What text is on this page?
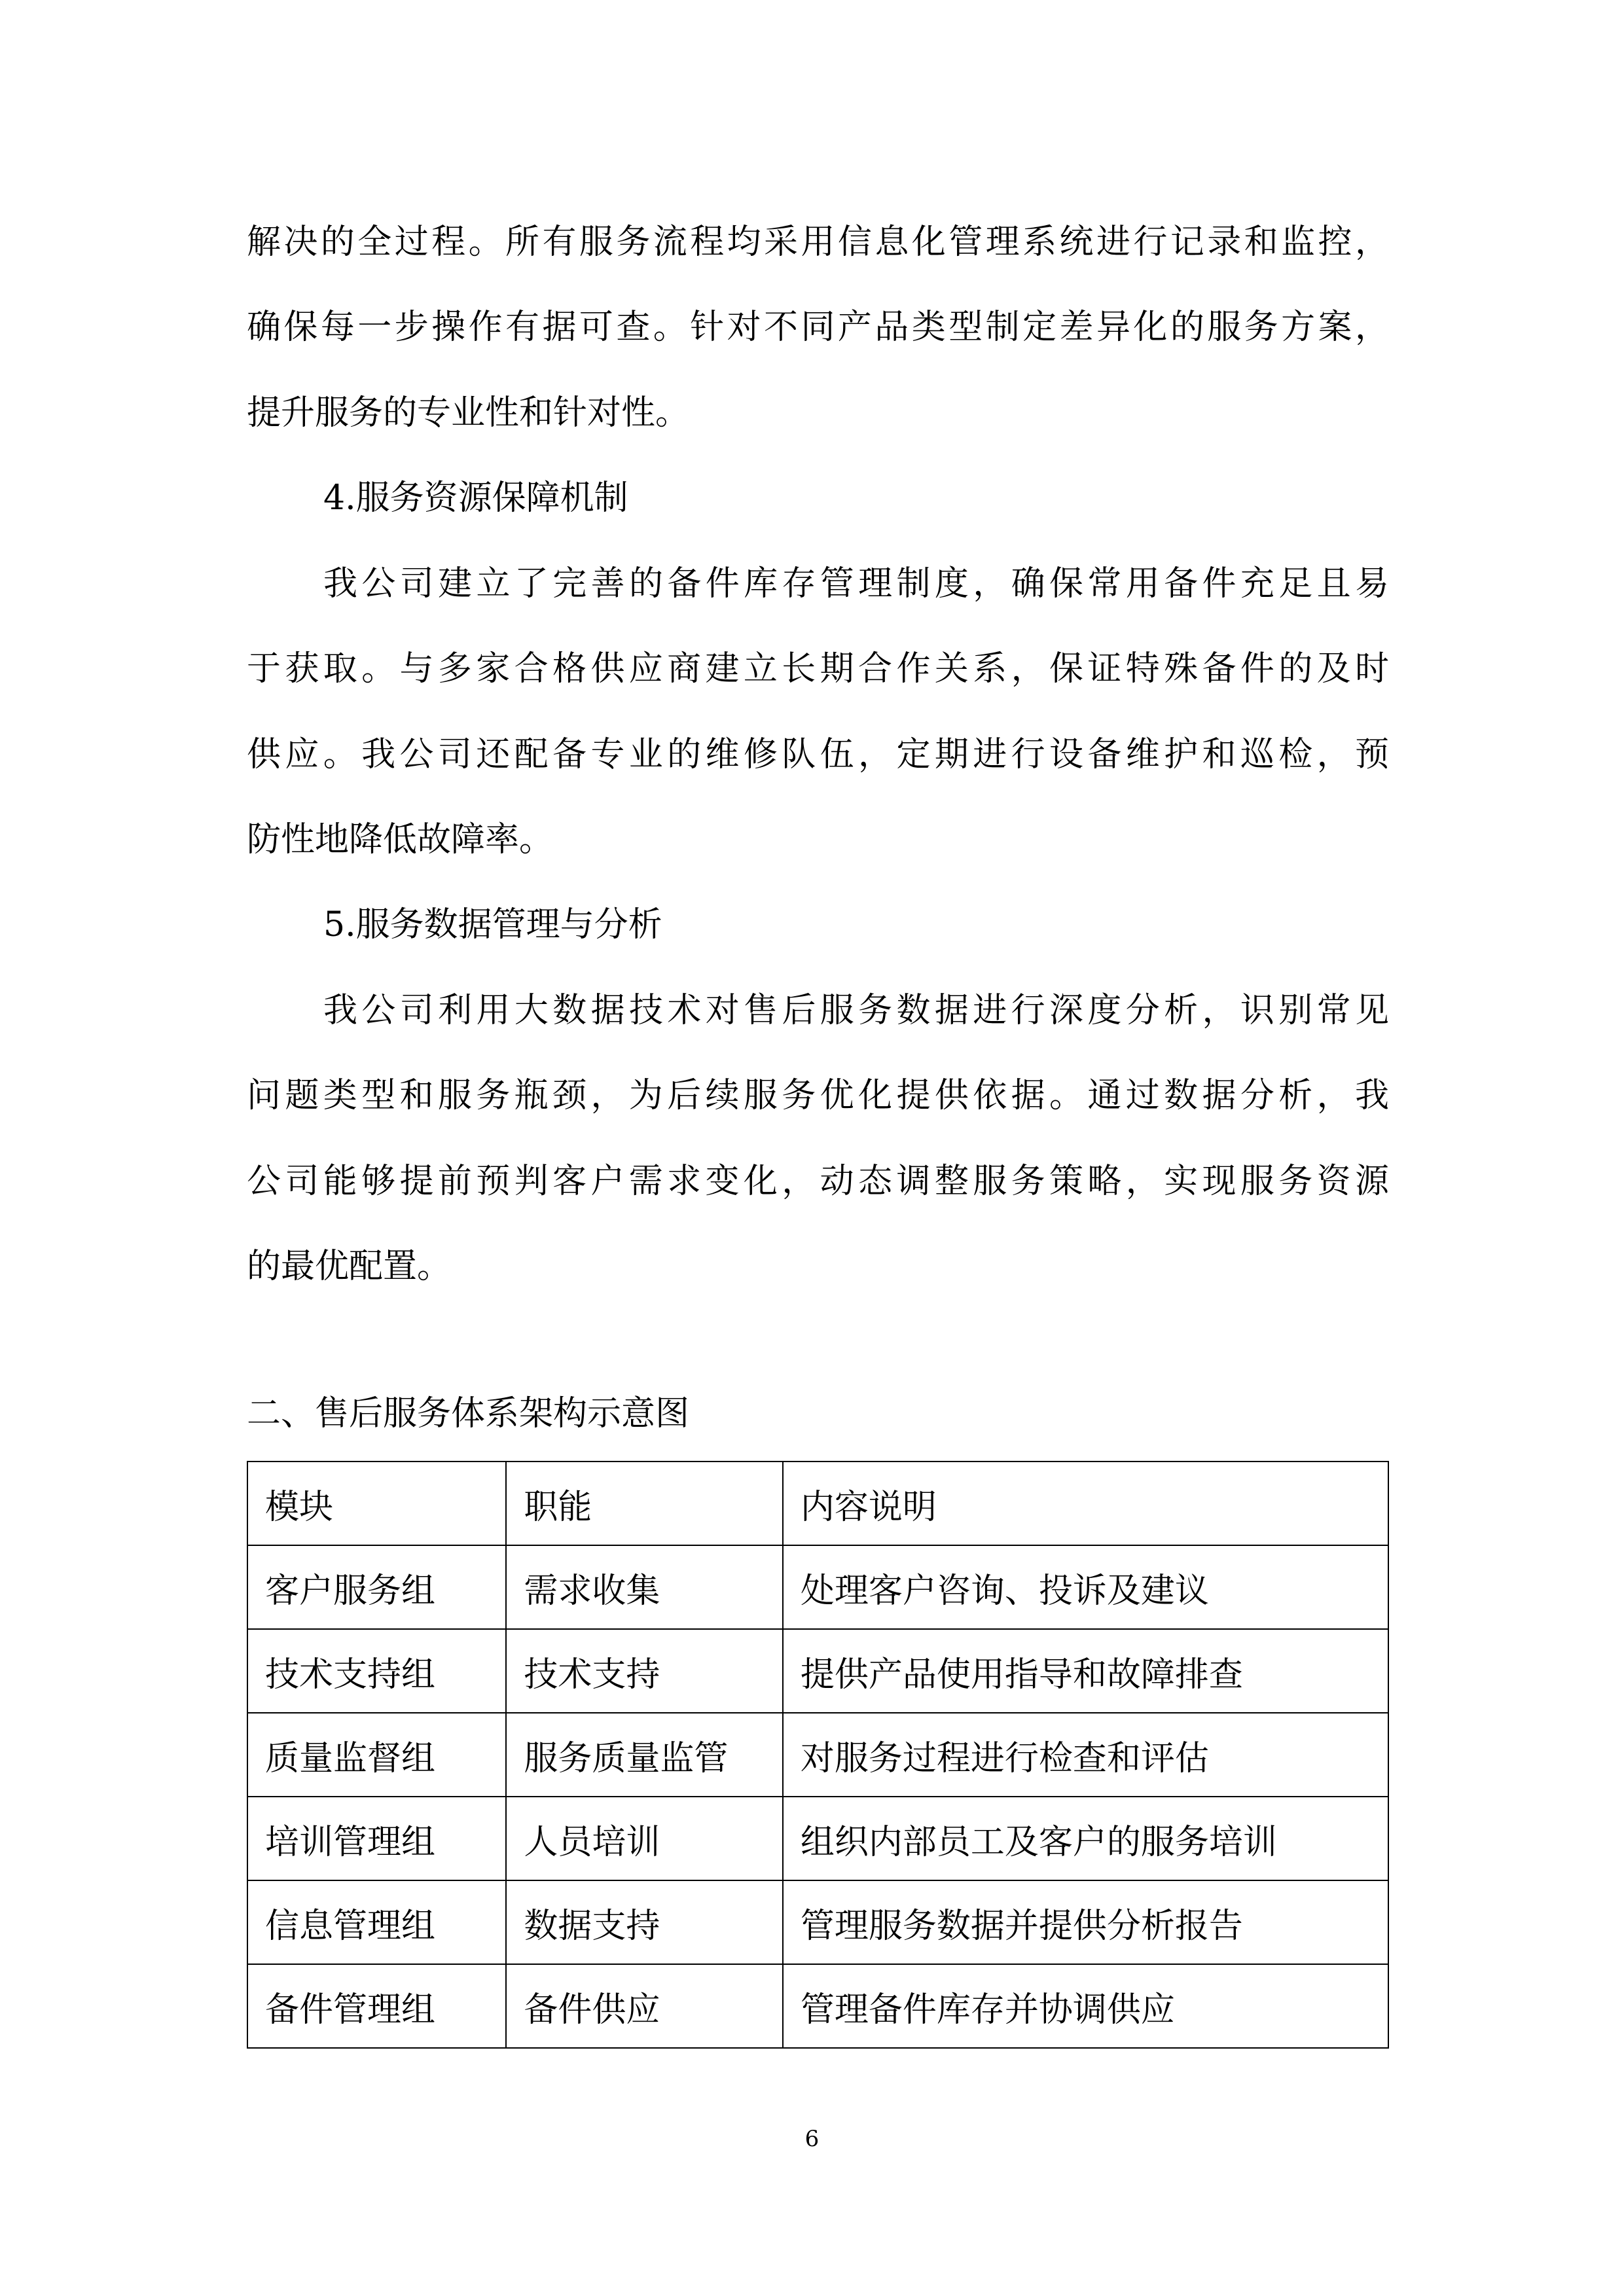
解决的全过程。所有服务流程均采用信息化管理系统进行记录和监控，
确保每一步操作有据可查。针对不同产品类型制定差异化的服务方案，
提升服务的专业性和针对性。
4.服务资源保障机制
我公司建立了完善的备件库存管理制度，确保常用备件充足且易
于获取。与多家合格供应商建立长期合作关系，保证特殊备件的及时
供应。我公司还配备专业的维修队伍，定期进行设备维护和巡检，预
防性地降低故障率。
5.服务数据管理与分析
我公司利用大数据技术对售后服务数据进行深度分析，识别常见
问题类型和服务瓶颈，为后续服务优化提供依据。通过数据分析，我
公司能够提前预判客户需求变化，动态调整服务策略，实现服务资源
的最优配置。
二、售后服务体系架构示意图
模块	职能	内容说明
客户服务组	需求收集	处理客户咨询、投诉及建议
技术支持组	技术支持	提供产品使用指导和故障排查
质量监督组	服务质量监管	对服务过程进行检查和评估
培训管理组	人员培训	组织内部员工及客户的服务培训
信息管理组	数据支持	管理服务数据并提供分析报告
备件管理组	备件供应	管理备件库存并协调供应
6
